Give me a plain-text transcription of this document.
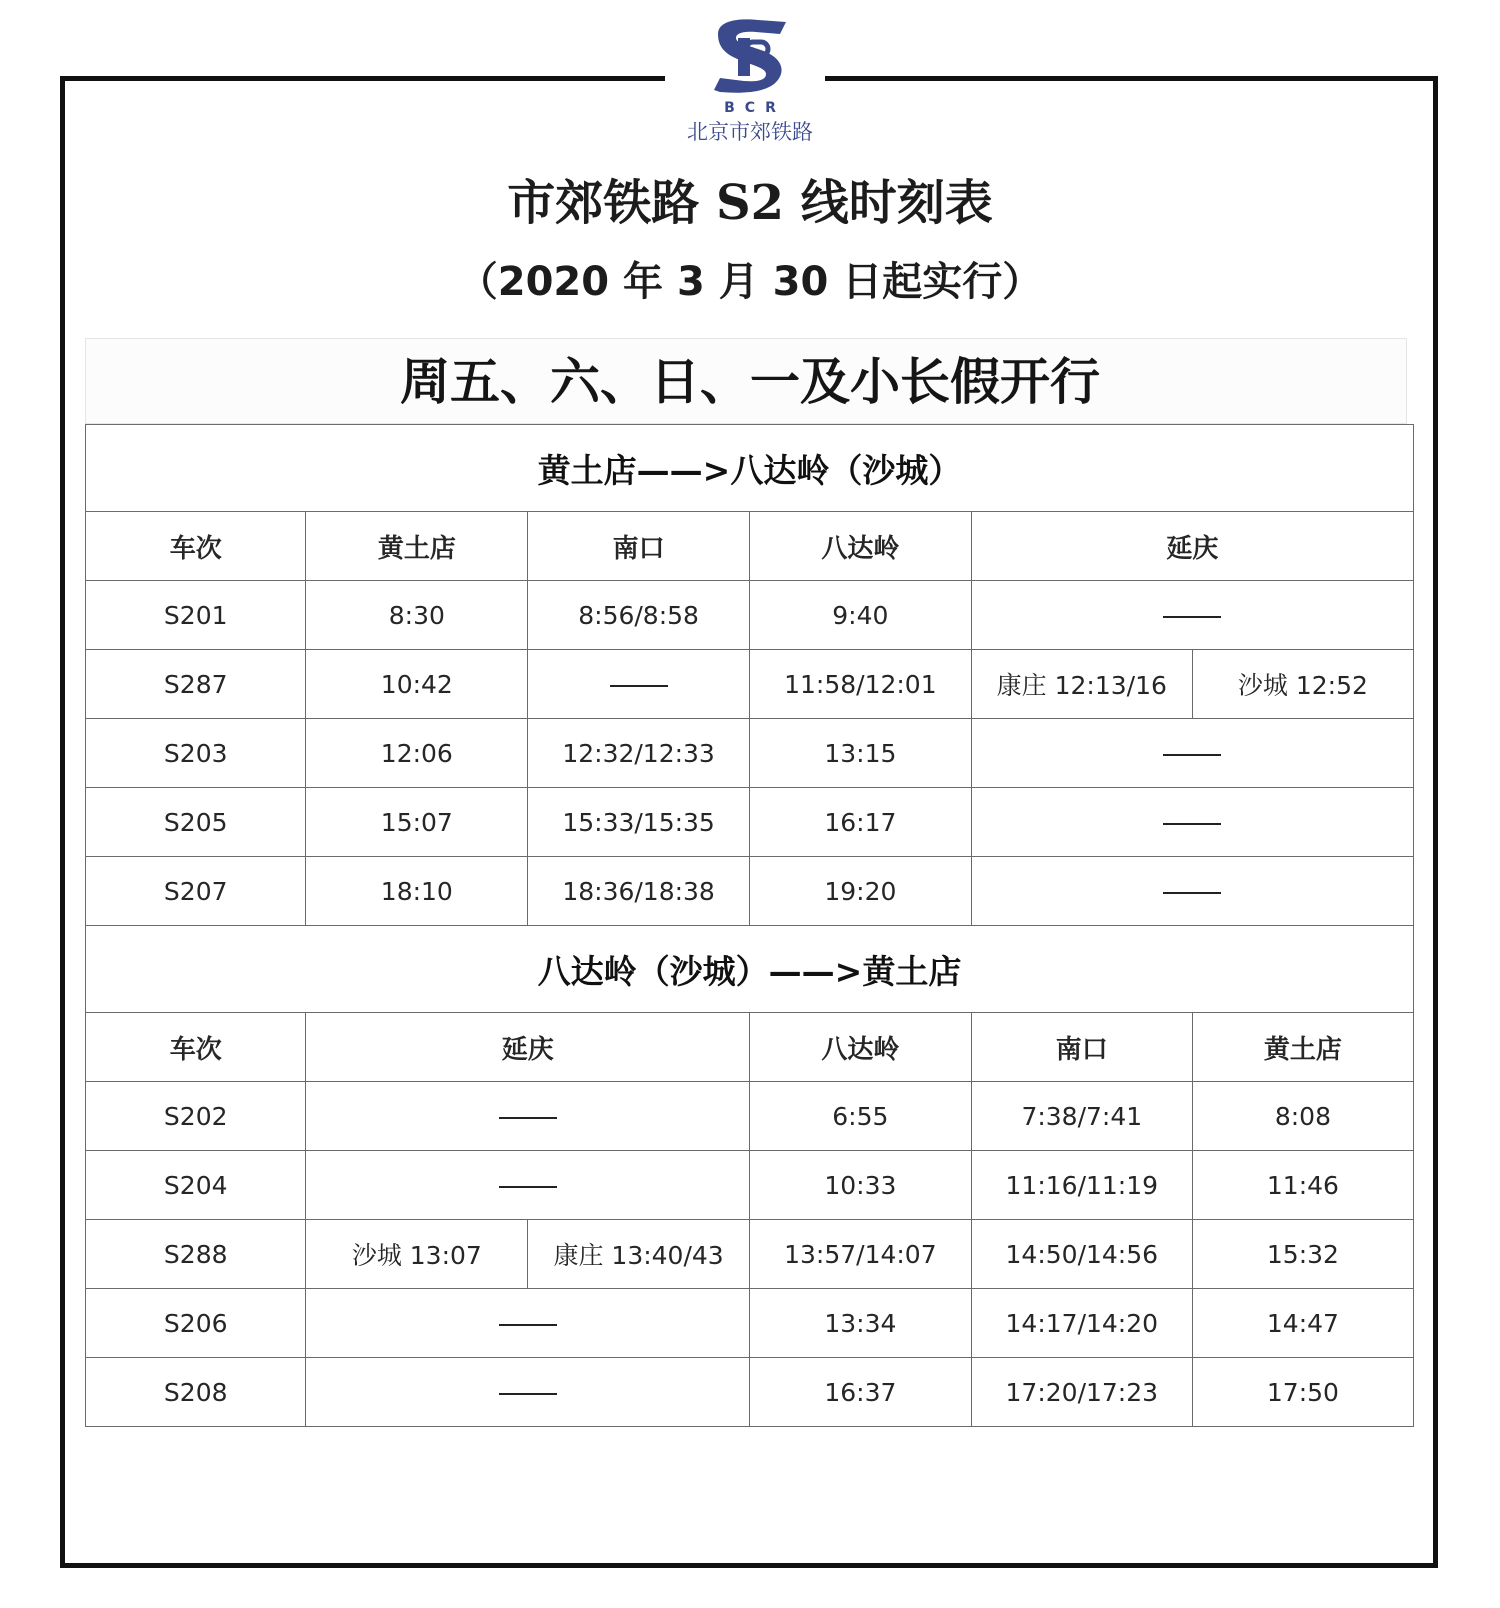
BCR
北京市郊铁路
市郊铁路 S2 线时刻表
（2020 年 3 月 30 日起实行）
周五、六、日、一及小长假开行
黄土店——>八达岭（沙城）					
车次	黄土店	南口	八达岭	延庆	
S201	8:30	8:56/8:58	9:40		
S287	10:42		11:58/12:01	康庄 12:13/16	沙城 12:52
S203	12:06	12:32/12:33	13:15		
S205	15:07	15:33/15:35	16:17		
S207	18:10	18:36/18:38	19:20		
八达岭（沙城）——>黄土店					
车次	延庆		八达岭	南口	黄土店
S202			6:55	7:38/7:41	8:08
S204			10:33	11:16/11:19	11:46
S288	沙城 13:07	康庄 13:40/43	13:57/14:07	14:50/14:56	15:32
S206			13:34	14:17/14:20	14:47
S208			16:37	17:20/17:23	17:50
